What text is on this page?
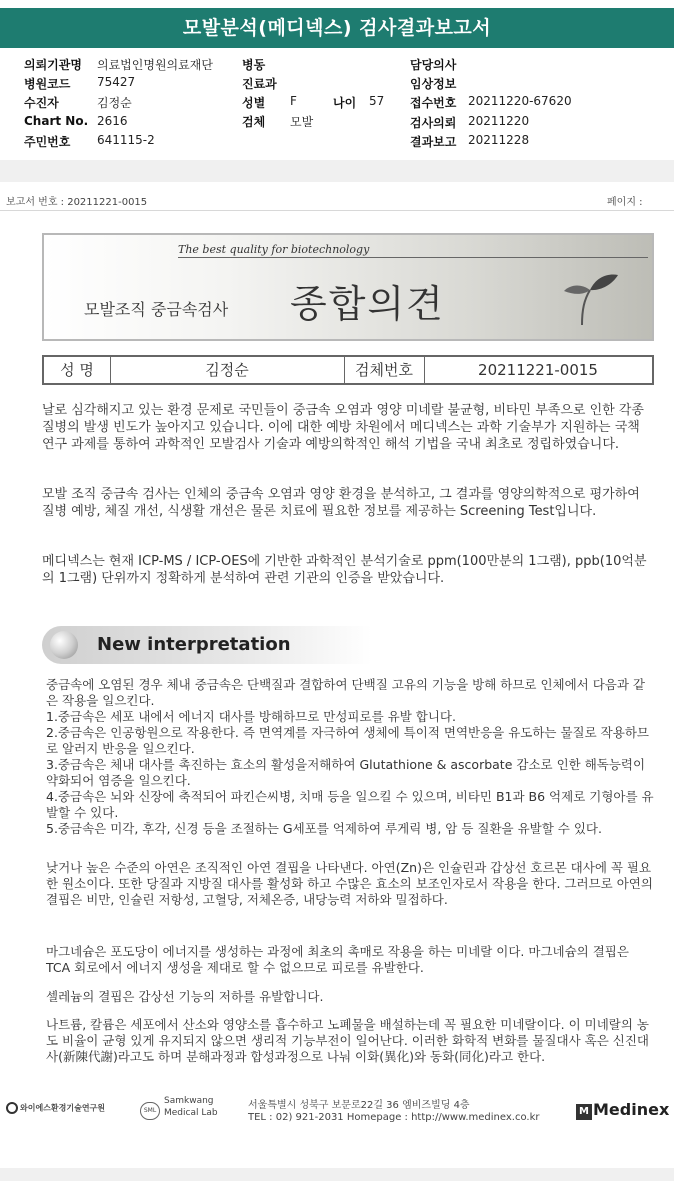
모발분석(메디넥스) 검사결과보고서
의뢰기관명 의료법인명원의료재단
병원코드 75427
수진자	김정순
Chart No. 2616
주민번호 641115-2
병동
진료과
성별 F	나이 57
검체 모발
담당의사
임상정보
접수번호 20211220-67620
검사의뢰 20211220
결과보고 20211228
보고서 번호 : 20211221-0015	페이지 :
The best quality for biotechnology
모발조직 중금속검사 종합의견
성 명	김정순	검체번호	20211221-0015
날로 심각해지고 있는 환경 문제로 국민들이 중금속 오염과 영양 미네랄 불균형, 비타민 부족으로 인한 각종 질병의 발생 빈도가 높아지고 있습니다. 이에 대한 예방 차원에서 메디넥스는 과학 기술부가 지원하는 국책 연구 과제를 통하여 과학적인 모발검사 기술과 예방의학적인 해석 기법을 국내 최초로 정립하였습니다.
모발 조직 중금속 검사는 인체의 중금속 오염과 영양 환경을 분석하고, 그 결과를 영양의학적으로 평가하여 질병 예방, 체질 개선, 식생활 개선은 물론 치료에 필요한 정보를 제공하는 Screening Test입니다.
메디넥스는 현재 ICP-MS / ICP-OES에 기반한 과학적인 분석기술로 ppm(100만분의 1그램), ppb(10억분의 1그램) 단위까지 정확하게 분석하여 관련 기관의 인증을 받았습니다.
New interpretation
중금속에 오염된 경우 체내 중금속은 단백질과 결합하여 단백질 고유의 기능을 방해 하므로 인체에서 다음과 같은 작용을 일으킨다.
1.중금속은 세포 내에서 에너지 대사를 방해하므로 만성피로를 유발 합니다.
2.중금속은 인공항원으로 작용한다. 즉 면역계를 자극하여 생체에 특이적 면역반응을 유도하는 물질로 작용하므로 알러지 반응을 일으킨다.
3.중금속은 체내 대사를 촉진하는 효소의 활성을저해하여 Glutathione & ascorbate 감소로 인한 해독능력이 약화되어 염증을 일으킨다.
4.중금속은 뇌와 신장에 축적되어 파킨슨씨병, 치매 등을 일으킬 수 있으며, 비타민 B1과 B6 억제로 기형아를 유발할 수 있다.
5.중금속은 미각, 후각, 신경 등을 조절하는 G세포를 억제하여 루게릭 병, 암 등 질환을 유발할 수 있다.
낮거나 높은 수준의 아연은 조직적인 아연 결핍을 나타낸다. 아연(Zn)은 인슐린과 갑상선 호르몬 대사에 꼭 필요한 원소이다. 또한 당질과 지방질 대사를 활성화 하고 수많은 효소의 보조인자로서 작용을 한다. 그러므로 아연의 결핍은 비만, 인슐린 저항성, 고혈당, 저체온증, 내당능력 저하와 밀접하다.
마그네슘은 포도당이 에너지를 생성하는 과정에 최초의 촉매로 작용을 하는 미네랄 이다. 마그네슘의 결핍은 TCA 회로에서 에너지 생성을 제대로 할 수 없으므로 피로를 유발한다.
셀레늄의 결핍은 갑상선 기능의 저하를 유발합니다.
나트륨, 칼륨은 세포에서 산소와 영양소를 흡수하고 노폐물을 배설하는데 꼭 필요한 미네랄이다. 이 미네랄의 농도 비율이 균형 있게 유지되지 않으면 생리적 기능부전이 일어난다. 이러한 화학적 변화를 물질대사 혹은 신진대사(新陳代謝)라고도 하며 분해과정과 합성과정으로 나눠 이화(異化)와 동화(同化)라고 한다.
와이에스환경기술연구원	SML
Samkwang
Medical Lab
서울특별시 성북구 보문로22길 36 엠비즈빌딩 4층
TEL : 02) 921-2031 Homepage : http://www.medinex.co.kr
M Medinex
